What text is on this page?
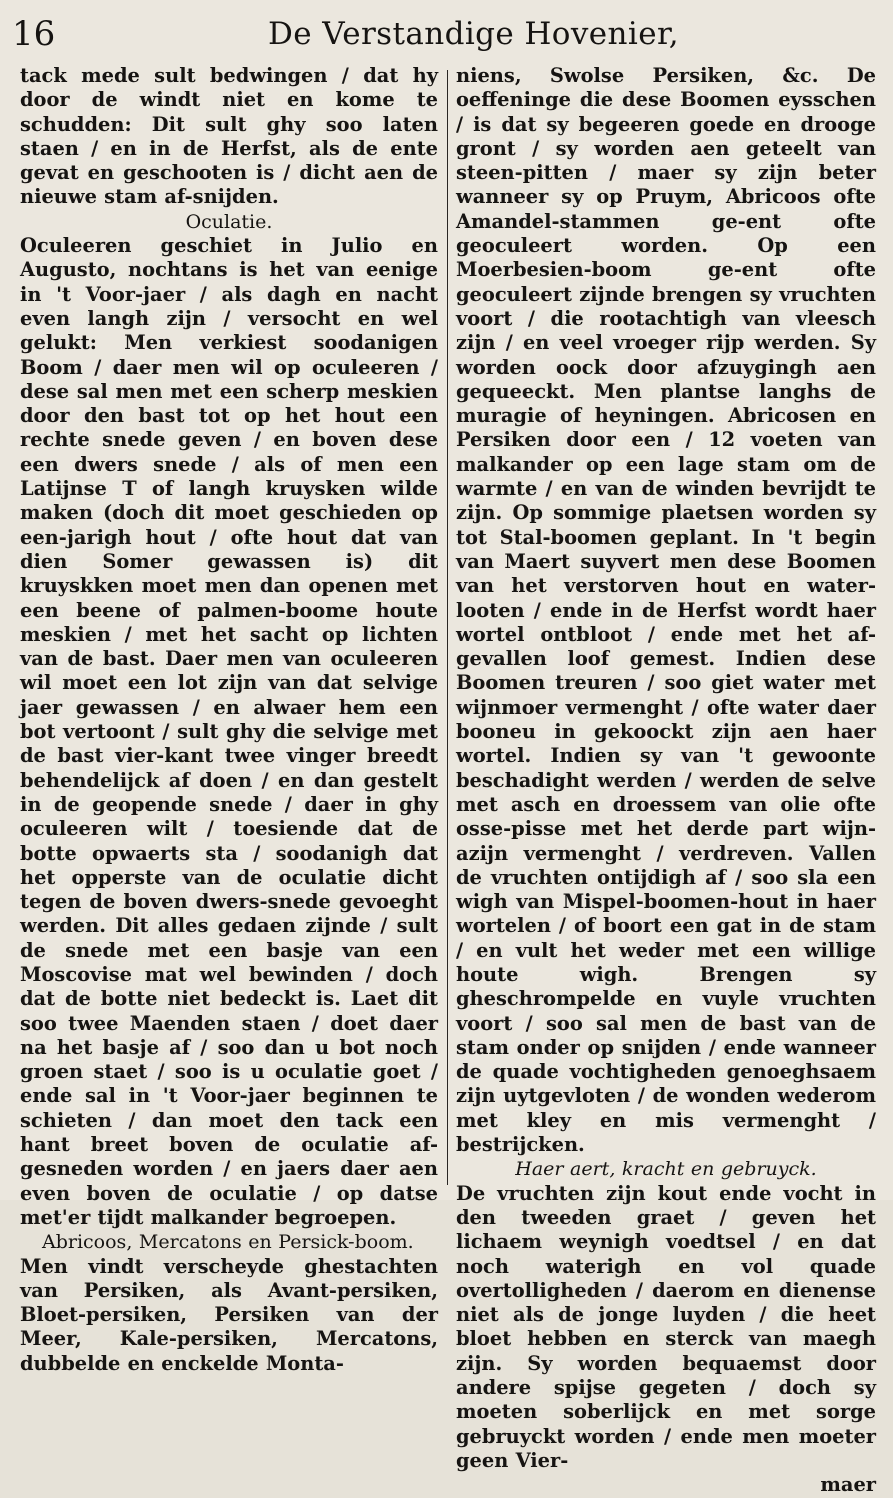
16	De Verstandige Hovenier,

tack mede sult bedwingen / dat hy door de windt niet en kome te schudden: Dit sult ghy soo laten staen / en in de Herfst, als de ente gevat en geschooten is / dicht aen de nieuwe stam af-snijden.

Oculatie.

Oculeeren geschiet in Julio en Augusto, nochtans is het van eenige in 't Voor-jaer / als dagh en nacht even langh zijn / versocht en wel gelukt: Men verkiest soodanigen Boom / daer men wil op oculeeren / dese sal men met een scherp meskien door den bast tot op het hout een rechte snede geven / en boven dese een dwers snede / als of men een Latijnse T of langh kruysken wilde maken (doch dit moet geschieden op een-jarigh hout / ofte hout dat van dien Somer gewassen is) dit kruyskken moet men dan openen met een beene of palmen-boome houte meskien / met het sacht op lichten van de bast. Daer men van oculeeren wil moet een lot zijn van dat selvige jaer gewassen / en alwaer hem een bot vertoont / sult ghy die selvige met de bast vier-kant twee vinger breedt behendelijck af doen / en dan gestelt in de geopende snede / daer in ghy oculeeren wilt / toesiende dat de botte opwaerts sta / soodanigh dat het opperste van de oculatie dicht tegen de boven dwers-snede gevoeght werden. Dit alles gedaen zijnde / sult de snede met een basje van een Moscovise mat wel bewinden / doch dat de botte niet bedeckt is. Laet dit soo twee Maenden staen / doet daer na het basje af / soo dan u bot noch groen staet / soo is u oculatie goet / ende sal in 't Voor-jaer beginnen te schieten / dan moet den tack een hant breet boven de oculatie af-gesneden worden / en jaers daer aen even boven de oculatie / op datse met'er tijdt malkander begroepen.

Abricoos, Mercatons en Persick-boom.

Men vindt verscheyde ghestachten van Persiken, als Avant-persiken, Bloet-persiken, Persiken van der Meer, Kale-persiken, Mercatons, dubbelde en enckelde Monta-

niens, Swolse Persiken, &c. De oeffeninge die dese Boomen eysschen / is dat sy begeeren goede en drooge gront / sy worden aen geteelt van steen-pitten / maer sy zijn beter wanneer sy op Pruym, Abricoos ofte Amandel-stammen ge-ent ofte geoculeert worden. Op een Moerbesien-boom ge-ent ofte geoculeert zijnde brengen sy vruchten voort / die rootachtigh van vleesch zijn / en veel vroeger rijp werden. Sy worden oock door afzuygingh aen gequeeckt. Men plantse langhs de muragie of heyningen. Abricosen en Persiken door een / 12 voeten van malkander op een lage stam om de warmte / en van de winden bevrijdt te zijn. Op sommige plaetsen worden sy tot Stal-boomen geplant. In 't begin van Maert suyvert men dese Boomen van het verstorven hout en water-looten / ende in de Herfst wordt haer wortel ontbloot / ende met het af-gevallen loof gemest. Indien dese Boomen treuren / soo giet water met wijnmoer vermenght / ofte water daer booneu in gekoockt zijn aen haer wortel. Indien sy van 't gewoonte beschadight werden / werden de selve met asch en droessem van olie ofte osse-pisse met het derde part wijn-azijn vermenght / verdreven. Vallen de vruchten ontijdigh af / soo sla een wigh van Mispel-boomen-hout in haer wortelen / of boort een gat in de stam / en vult het weder met een willige houte wigh. Brengen sy gheschrompelde en vuyle vruchten voort / soo sal men de bast van de stam onder op snijden / ende wanneer de quade vochtigheden genoeghsaem zijn uytgevloten / de wonden wederom met kley en mis vermenght / bestrijcken.

Haer aert, kracht en gebruyck.

De vruchten zijn kout ende vocht in den tweeden graet / geven het lichaem weynigh voedtsel / en dat noch waterigh en vol quade overtolligheden / daerom en dienense niet als de jonge luyden / die heet bloet hebben en sterck van maegh zijn. Sy worden bequaemst door andere spijse gegeten / doch sy moeten soberlijck en met sorge gebruyckt worden / ende men moeter geen Vier-

maer
